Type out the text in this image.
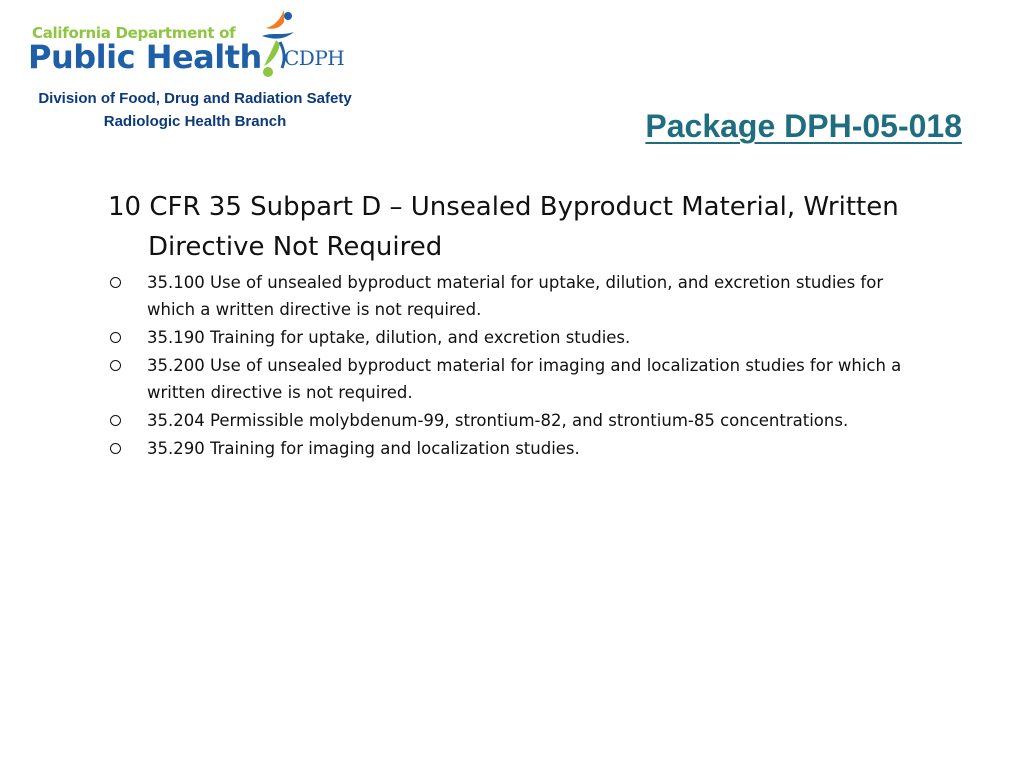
California Department of
Public Health CDPH
Division of Food, Drug and Radiation Safety
Radiologic Health Branch	Package DPH-05-018
10 CFR 35 Subpart D – Unsealed Byproduct Material, Written Directive Not Required
35.100 Use of unsealed byproduct material for uptake, dilution, and excretion studies for which a written directive is not required.
35.190 Training for uptake, dilution, and excretion studies.
35.200 Use of unsealed byproduct material for imaging and localization studies for which a written directive is not required.
35.204 Permissible molybdenum-99, strontium-82, and strontium-85 concentrations.
35.290 Training for imaging and localization studies.
